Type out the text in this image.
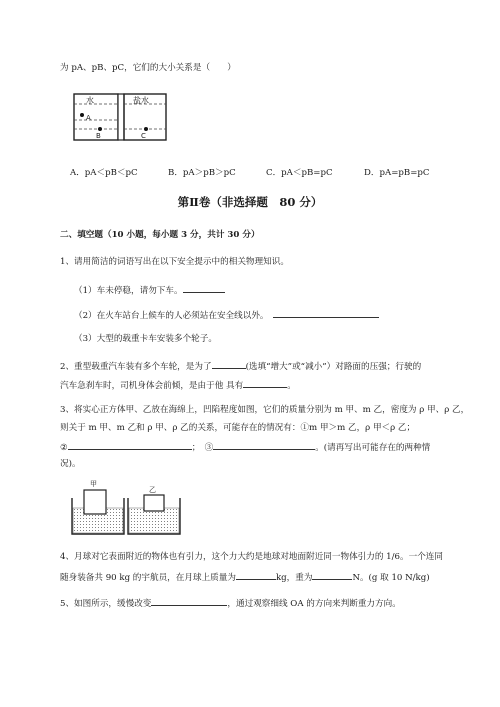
为 pA、pB、pC，它们的大小关系是（　　）
水
A
B
盐水
C
A．pA＜pB＜pC	B．pA＞pB＞pC	C．pA＜pB=pC	D．pA=pB=pC
第Ⅱ卷（非选择题　80 分）
二、填空题（10 小题，每小题 3 分，共计 30 分）
1、请用简洁的词语写出在以下安全提示中的相关物理知识。
（1）车未停稳，请勿下车。
（2）在火车站台上候车的人必须站在安全线以外。
（3）大型的载重卡车安装多个轮子。
2、重型载重汽车装有多个车轮，是为了	(选填“增大”或“减小”）对路面的压强；行驶的
汽车急刹车时，司机身体会前倾，是由于他 具有	。
3、将实心正方体甲、乙放在海绵上，凹陷程度如图，它们的质量分别为 m 甲、m 乙，密度为 ρ 甲、ρ 乙，
则关于 m 甲、m 乙和 ρ 甲、ρ 乙的关系，可能存在的情况有：①m 甲＞m 乙，ρ 甲＜ρ 乙；
②	；　③	。(请再写出可能存在的两种情
况)。
甲
乙
4、月球对它表面附近的物体也有引力，这个力大约是地球对地面附近同一物体引力的 1/6。一个连同
随身装备共 90 kg 的宇航员，在月球上质量为	kg，重为	N。(g 取 10 N/kg)
5、如图所示，缓慢改变	，通过观察细线 OA 的方向来判断重力方向。
